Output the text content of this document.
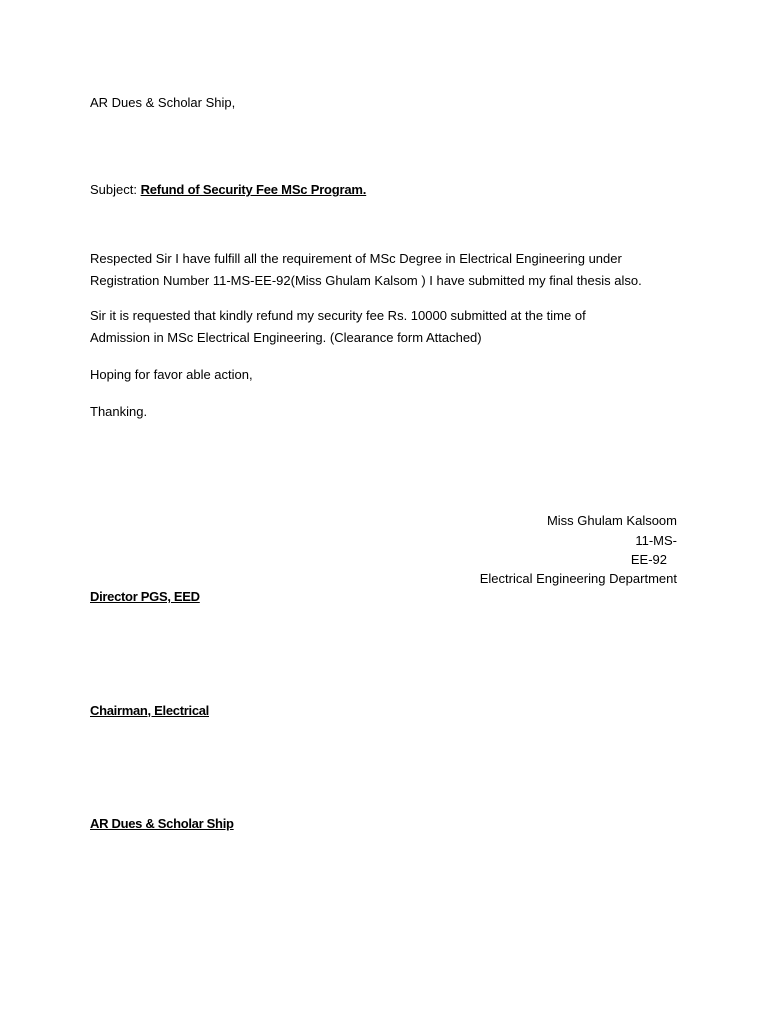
AR Dues & Scholar Ship,
Subject: Refund of Security Fee MSc Program.
Respected Sir I have fulfill all the requirement of MSc Degree in Electrical Engineering under
Registration Number 11-MS-EE-92(Miss Ghulam Kalsom ) I have submitted my final thesis also.
Sir it is requested that kindly refund my security fee Rs. 10000 submitted at the time of
Admission in MSc Electrical Engineering. (Clearance form Attached)
Hoping for favor able action,
Thanking.
Miss Ghulam Kalsoom
11-MS-
EE-92
Electrical Engineering Department
Director PGS, EED
Chairman, Electrical
AR Dues & Scholar Ship
